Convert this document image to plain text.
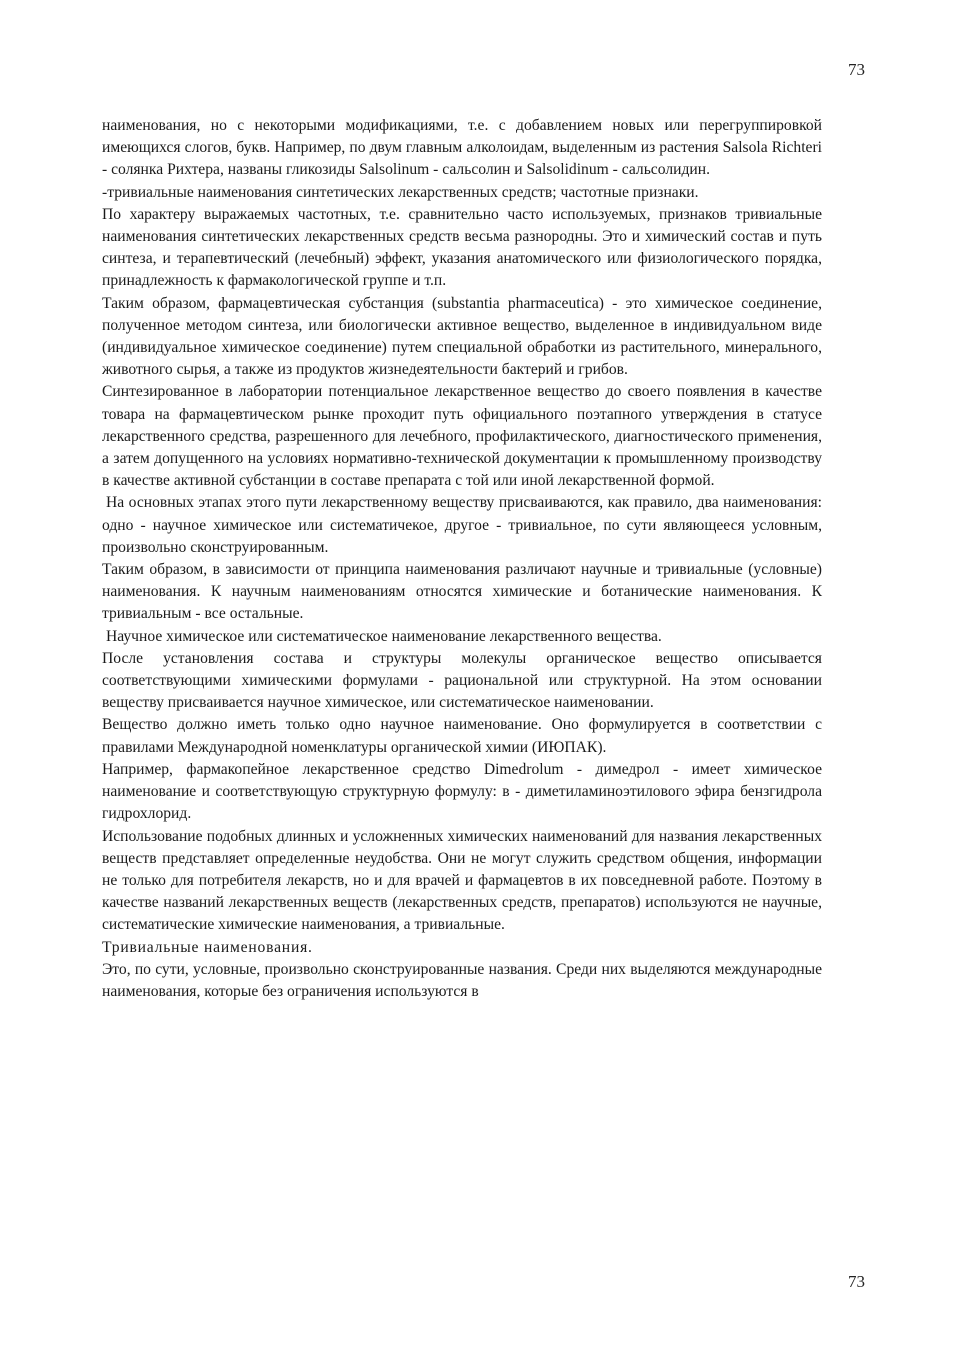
73

наименования, но с некоторыми модификациями, т.е. с добавлением новых или перегруппировкой имеющихся слогов, букв. Например, по двум главным алколоидам, выделенным из растения Salsola Richteri - солянка Рихтера, названы гликозиды Salsolinum - сальсолин и Salsolidinum - сальсолидин.

-тривиальные наименования синтетических лекарственных средств; частотные признаки.

По характеру выражаемых частотных, т.е. сравнительно часто используемых, признаков тривиальные наименования синтетических лекарственных средств весьма разнородны. Это и химический состав и путь синтеза, и терапевтический (лечебный) эффект, указания анатомического или физиологического порядка, принадлежность к фармакологической группе и т.п.

Таким образом, фармацевтическая субстанция (substantia pharmaceutica) - это химическое соединение, полученное методом синтеза, или биологически активное вещество, выделенное в индивидуальном виде (индивидуальное химическое соединение) путем специальной обработки из растительного, минерального, животного сырья, а также из продуктов жизнедеятельности бактерий и грибов.

Синтезированное в лаборатории потенциальное лекарственное вещество до своего появления в качестве товара на фармацевтическом рынке проходит путь официального поэтапного утверждения в статусе лекарственного средства, разрешенного для лечебного, профилактического, диагностического применения, а затем допущенного на условиях нормативно-технической документации к промышленному производству в качестве активной субстанции в составе препарата с той или иной лекарственной формой.

На основных этапах этого пути лекарственному веществу присваиваются, как правило, два наименования: одно - научное химическое или систематичекое, другое - тривиальное, по сути являющееся условным, произвольно сконструированным.

Таким образом, в зависимости от принципа наименования различают научные и тривиальные (условные) наименования. К научным наименованиям относятся химические и ботанические наименования. К тривиальным - все остальные.

Научное химическое или систематическое наименование лекарственного вещества.

После установления состава и структуры молекулы органическое вещество описывается соответствующими химическими формулами - рациональной или структурной. На этом основании веществу присваивается научное химическое, или систематическое наименовании.

Вещество должно иметь только одно научное наименование. Оно формулируется в соответствии с правилами Международной номенклатуры органической химии (ИЮПАК).

Например, фармакопейное лекарственное средство Dimedrolum - димедрол - имеет химическое наименование и соответствующую структурную формулу: в - диметиламиноэтилового эфира бензгидрола гидрохлорид.

Использование подобных длинных и усложненных химических наименований для названия лекарственных веществ представляет определенные неудобства. Они не могут служить средством общения, информации не только для потребителя лекарств, но и для врачей и фармацевтов в их повседневной работе. Поэтому в качестве названий лекарственных веществ (лекарственных средств, препаратов) используются не научные, систематические химические наименования, а тривиальные.

Тривиальные наименования.

Это, по сути, условные, произвольно сконструированные названия. Среди них выделяются международные наименования, которые без ограничения используются в

73
